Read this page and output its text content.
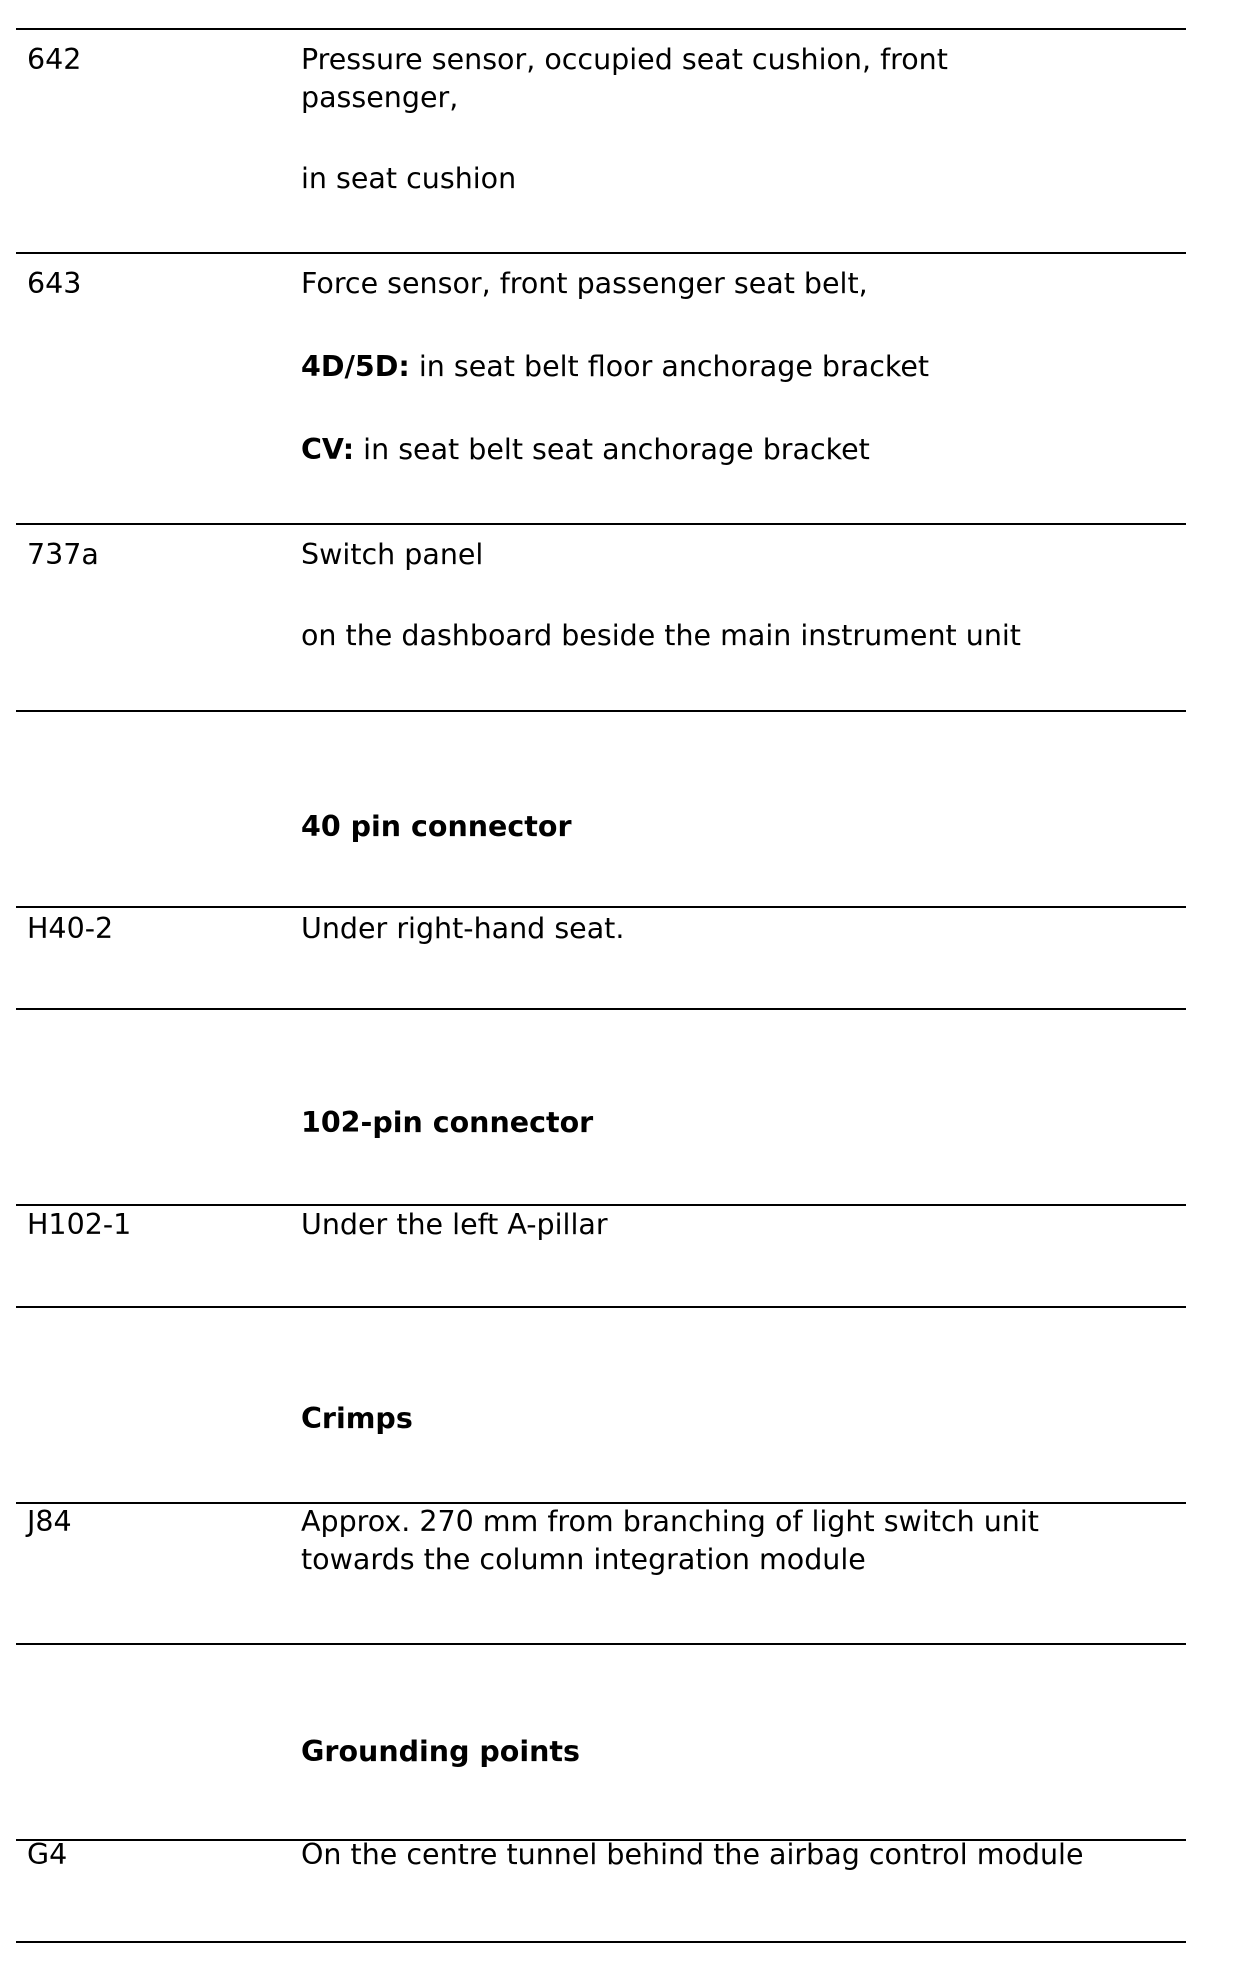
642	Pressure sensor, occupied seat cushion, front passenger,
in seat cushion
643	Force sensor, front passenger seat belt,
4D/5D: in seat belt floor anchorage bracket
CV: in seat belt seat anchorage bracket
737a	Switch panel
on the dashboard beside the main instrument unit
40 pin connector
H40-2	Under right-hand seat.
102-pin connector
H102-1	Under the left A-pillar
Crimps
J84	Approx. 270 mm from branching of light switch unit towards the column integration module
Grounding points
G4	On the centre tunnel behind the airbag control module
